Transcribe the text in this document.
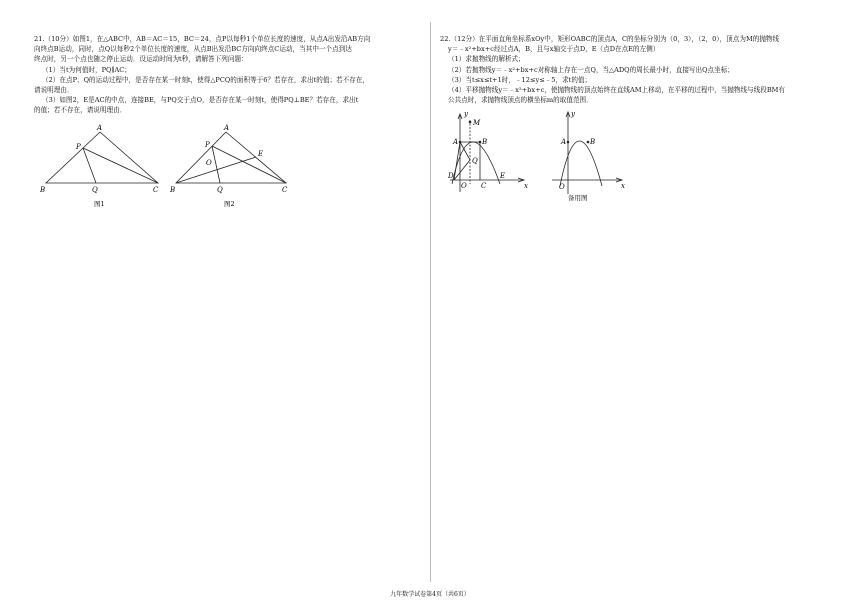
21.（10分）如图1，在△ABC中，AB＝AC＝15，BC＝24，点P以每秒1个单位长度的速度，从点A出发沿AB方向

向终点B运动，同时，点Q以每秒2个单位长度的速度，从点B出发沿BC方向向终点C运动，当其中一个点到达

终点时，另一个点也随之停止运动．设运动时间为t秒，请解答下列问题：

（1）当t为何值时，PQ∥AC；

（2）在点P、Q的运动过程中，是否存在某一时刻t，使得△PCQ的面积等于6？若存在，求出t的值；若不存在，

请说明理由．

（3）如图2，E是AC的中点，连接BE，与PQ交于点O，是否存在某一时刻t，使得PQ⊥BE？若存在，求出t

的值；若不存在，请说明理由．

A
B	C
P
Q
图1
A
B	C
P
Q
E
O
图2

22.（12分）在平面直角坐标系xOy中，矩形OABC的顶点A，C的坐标分别为（0，3），（2，0），顶点为M的抛物线

y＝﹣x²+bx+c经过点A，B，且与x轴交于点D，E（点D在点E的左侧）

（1）求抛物线的解析式；

（2）若抛物线y＝﹣x²+bx+c对称轴上存在一点Q，当△ADQ的周长最小时，直接写出Q点坐标；

（3）当t≤x≤t+1时，﹣12≤y≤﹣5，求t的值；

（4）平移抛物线y＝﹣x²+bx+c，使抛物线的顶点始终在直线AM上移动，在平移的过程中，当抛物线与线段BM有

公共点时，求抛物线顶点的横坐标m的取值范围．

y
x
M
A	B
Q
D
O C
E
y
x
A	B
O
备用图
九年数学试卷第4页（共6页）
